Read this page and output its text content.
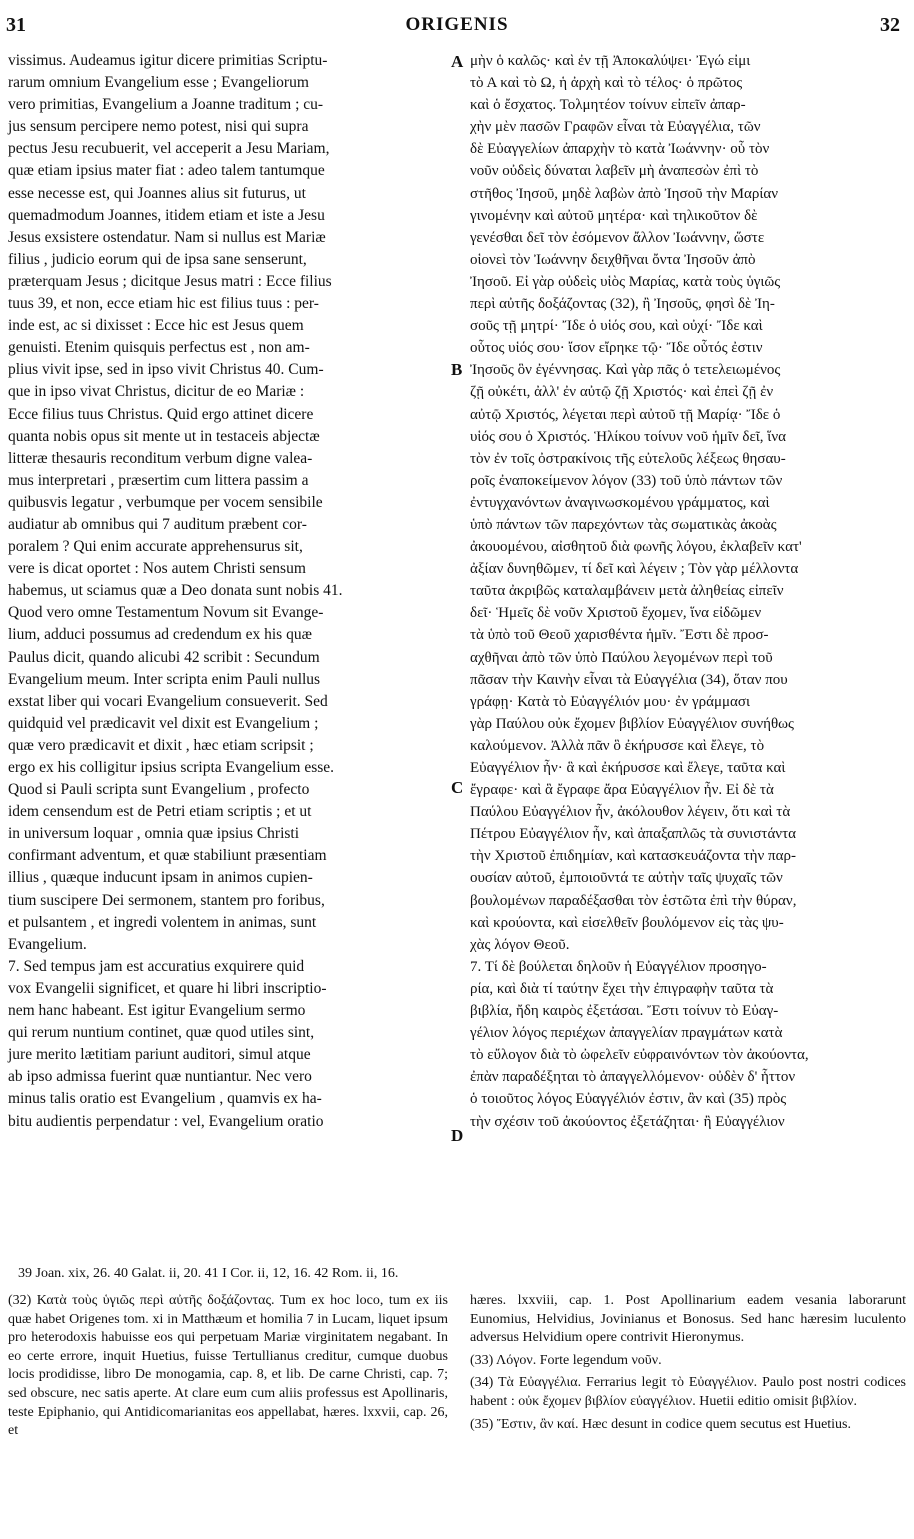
31	ORIGENIS	32
vissimus. Audeamus igitur dicere primitias Scriptu-
rarum omnium Evangelium esse ; Evangeliorum
vero primitias, Evangelium a Joanne traditum ; cu-
jus sensum percipere nemo potest, nisi qui supra
pectus Jesu recubuerit, vel acceperit a Jesu Mariam,
quæ etiam ipsius mater fiat : adeo talem tantumque
esse necesse est, qui Joannes alius sit futurus, ut
quemadmodum Joannes, itidem etiam et iste a Jesu
Jesus exsistere ostendatur. Nam si nullus est Mariæ
filius , judicio eorum qui de ipsa sane senserunt,
præterquam Jesus ; dicitque Jesus matri : Ecce filius
tuus 39, et non, ecce etiam hic est filius tuus : per-
inde est, ac si dixisset : Ecce hic est Jesus quem
genuisti. Etenim quisquis perfectus est , non am-
plius vivit ipse, sed in ipso vivit Christus 40. Cum-
que in ipso vivat Christus, dicitur de eo Mariæ :
Ecce filius tuus Christus. Quid ergo attinet dicere
quanta nobis opus sit mente ut in testaceis abjectæ
litteræ thesauris reconditum verbum digne valea-
mus interpretari , præsertim cum littera passim a
quibusvis legatur , verbumque per vocem sensibile
audiatur ab omnibus qui 7 auditum præbent cor-
poralem ? Qui enim accurate apprehensurus sit,
vere is dicat oportet : Nos autem Christi sensum
habemus, ut sciamus quæ a Deo donata sunt nobis 41.
Quod vero omne Testamentum Novum sit Evange-
lium, adduci possumus ad credendum ex his quæ
Paulus dicit, quando alicubi 42 scribit : Secundum
Evangelium meum. Inter scripta enim Pauli nullus
exstat liber qui vocari Evangelium consueverit. Sed
quidquid vel prædicavit vel dixit est Evangelium ;
quæ vero prædicavit et dixit , hæc etiam scripsit ;
ergo ex his colligitur ipsius scripta Evangelium esse.
Quod si Pauli scripta sunt Evangelium , profecto
idem censendum est de Petri etiam scriptis ; et ut
in universum loquar , omnia quæ ipsius Christi
confirmant adventum, et quæ stabiliunt præsentiam
illius , quæque inducunt ipsam in animos cupien-
tium suscipere Dei sermonem, stantem pro foribus,
et pulsantem , et ingredi volentem in animas, sunt
Evangelium.
7. Sed tempus jam est accuratius exquirere quid
vox Evangelii significet, et quare hi libri inscriptio-
nem hanc habeant. Est igitur Evangelium sermo
qui rerum nuntium continet, quæ quod utiles sint,
jure merito lætitiam pariunt auditori, simul atque
ab ipso admissa fuerint quæ nuntiantur. Nec vero
minus talis oratio est Evangelium , quamvis ex ha-
bitu audientis perpendatur : vel, Evangelium oratio
μὴν ὁ καλῶς· καὶ ἐν τῇ Ἀποκαλύψει· Ἐγώ εἰμι
τὸ Α καὶ τὸ Ω, ἡ ἀρχὴ καὶ τὸ τέλος· ὁ πρῶτος
καὶ ὁ ἔσχατος. Τολμητέον τοίνυν εἰπεῖν ἀπαρ-
χὴν μὲν πασῶν Γραφῶν εἶναι τὰ Εὐαγγέλια, τῶν
δὲ Εὐαγγελίων ἀπαρχὴν τὸ κατὰ Ἰωάννην· οὗ τὸν
νοῦν οὐδεὶς δύναται λαβεῖν μὴ ἀναπεσὼν ἐπὶ τὸ
στῆθος Ἰησοῦ, μηδὲ λαβὼν ἀπὸ Ἰησοῦ τὴν Μαρίαν
γινομένην καὶ αὐτοῦ μητέρα· καὶ τηλικοῦτον δὲ
γενέσθαι δεῖ τὸν ἐσόμενον ἄλλον Ἰωάννην, ὥστε
οἱονεὶ τὸν Ἰωάννην δειχθῆναι ὄντα Ἰησοῦν ἀπὸ
Ἰησοῦ. Εἰ γὰρ οὐδεὶς υἱὸς Μαρίας, κατὰ τοὺς ὑγιῶς
περὶ αὐτῆς δοξάζοντας (32), ἢ Ἰησοῦς, φησὶ δὲ Ἰη-
σοῦς τῇ μητρί· Ἴδε ὁ υἱός σου, καὶ οὐχί· Ἴδε καὶ
οὗτος υἱός σου· ἴσον εἴρηκε τῷ· Ἴδε οὗτός ἐστιν
Ἰησοῦς ὃν ἐγέννησας. Καὶ γὰρ πᾶς ὁ τετελειωμένος
ζῇ οὐκέτι, ἀλλ' ἐν αὐτῷ ζῇ Χριστός· καὶ ἐπεὶ ζῇ ἐν
αὐτῷ Χριστός, λέγεται περὶ αὐτοῦ τῇ Μαρίᾳ· Ἴδε ὁ
υἱός σου ὁ Χριστός. Ἡλίκου τοίνυν νοῦ ἡμῖν δεῖ, ἵνα
τὸν ἐν τοῖς ὀστρακίνοις τῆς εὐτελοῦς λέξεως θησαυ-
ροῖς ἐναποκείμενον λόγον (33) τοῦ ὑπὸ πάντων τῶν
ἐντυγχανόντων ἀναγινωσκομένου γράμματος, καὶ
ὑπὸ πάντων τῶν παρεχόντων τὰς σωματικὰς ἀκοὰς
ἀκουομένου, αἰσθητοῦ διὰ φωνῆς λόγου, ἐκλαβεῖν κατ'
ἀξίαν δυνηθῶμεν, τί δεῖ καὶ λέγειν ; Τὸν γὰρ μέλλοντα
ταῦτα ἀκριβῶς καταλαμβάνειν μετὰ ἀληθείας εἰπεῖν
δεῖ· Ἡμεῖς δὲ νοῦν Χριστοῦ ἔχομεν, ἵνα εἰδῶμεν
τὰ ὑπὸ τοῦ Θεοῦ χαρισθέντα ἡμῖν. Ἔστι δὲ προσ-
αχθῆναι ἀπὸ τῶν ὑπὸ Παύλου λεγομένων περὶ τοῦ
πᾶσαν τὴν Καινὴν εἶναι τὰ Εὐαγγέλια (34), ὅταν που
γράφῃ· Κατὰ τὸ Εὐαγγέλιόν μου· ἐν γράμμασι
γὰρ Παύλου οὐκ ἔχομεν βιβλίον Εὐαγγέλιον συνήθως
καλούμενον. Ἀλλὰ πᾶν ὃ ἐκήρυσσε καὶ ἔλεγε, τὸ
Εὐαγγέλιον ἦν· ἃ καὶ ἐκήρυσσε καὶ ἔλεγε, ταῦτα καὶ
ἔγραφε· καὶ ἃ ἔγραφε ἄρα Εὐαγγέλιον ἦν. Εἰ δὲ τὰ
Παύλου Εὐαγγέλιον ἦν, ἀκόλουθον λέγειν, ὅτι καὶ τὰ
Πέτρου Εὐαγγέλιον ἦν, καὶ ἁπαξαπλῶς τὰ συνιστάντα
τὴν Χριστοῦ ἐπιδημίαν, καὶ κατασκευάζοντα τὴν παρ-
ουσίαν αὐτοῦ, ἐμποιοῦντά τε αὐτὴν ταῖς ψυχαῖς τῶν
βουλομένων παραδέξασθαι τὸν ἑστῶτα ἐπὶ τὴν θύραν,
καὶ κρούοντα, καὶ εἰσελθεῖν βουλόμενον εἰς τὰς ψυ-
χὰς λόγον Θεοῦ.
7. Τί δὲ βούλεται δηλοῦν ἡ Εὐαγγέλιον προσηγο-
ρία, καὶ διὰ τί ταύτην ἔχει τὴν ἐπιγραφὴν ταῦτα τὰ
βιβλία, ἤδη καιρὸς ἐξετάσαι. Ἔστι τοίνυν τὸ Εὐαγ-
γέλιον λόγος περιέχων ἀπαγγελίαν πραγμάτων κατὰ
τὸ εὔλογον διὰ τὸ ὠφελεῖν εὐφραινόντων τὸν ἀκούοντα,
ἐπὰν παραδέξηται τὸ ἀπαγγελλόμενον· οὐδὲν δ' ἧττον
ὁ τοιοῦτος λόγος Εὐαγγέλιόν ἐστιν, ἂν καὶ (35) πρὸς
τὴν σχέσιν τοῦ ἀκούοντος ἐξετάζηται· ἢ Εὐαγγέλιον
A
B
C
D
39 Joan. xix, 26. 40 Galat. ii, 20. 41 I Cor. ii, 12, 16. 42 Rom. ii, 16.

(32) Κατὰ τοὺς ὑγιῶς περὶ αὐτῆς δοξάζοντας. Tum ex hoc loco, tum ex iis quæ habet Origenes tom. xi in Matthæum et homilia 7 in Lucam, liquet ipsum pro heterodoxis habuisse eos qui perpetuam Mariæ virginitatem negabant. In eo certe errore, inquit Huetius, fuisse Tertullianus creditur, cumque duobus locis prodidisse, libro De monogamia, cap. 8, et lib. De carne Christi, cap. 7; sed obscure, nec satis aperte. At clare eum cum aliis professus est Apollinaris, teste Epiphanio, qui Antidicomarianitas eos appellabat, hæres. lxxvii, cap. 26, et

hæres. lxxviii, cap. 1. Post Apollinarium eadem vesania laborarunt Eunomius, Helvidius, Jovinianus et Bonosus. Sed hanc hæresim luculento adversus Helvidium opere contrivit Hieronymus.

(33) Λόγον. Forte legendum νοῦν.

(34) Τὰ Εὐαγγέλια. Ferrarius legit τὸ Εὐαγγέλιον. Paulo post nostri codices habent : οὐκ ἔχομεν βιβλίον εὐαγγέλιον. Huetii editio omisit βιβλίον.

(35) Ἔστιν, ἂν καί. Hæc desunt in codice quem secutus est Huetius.
